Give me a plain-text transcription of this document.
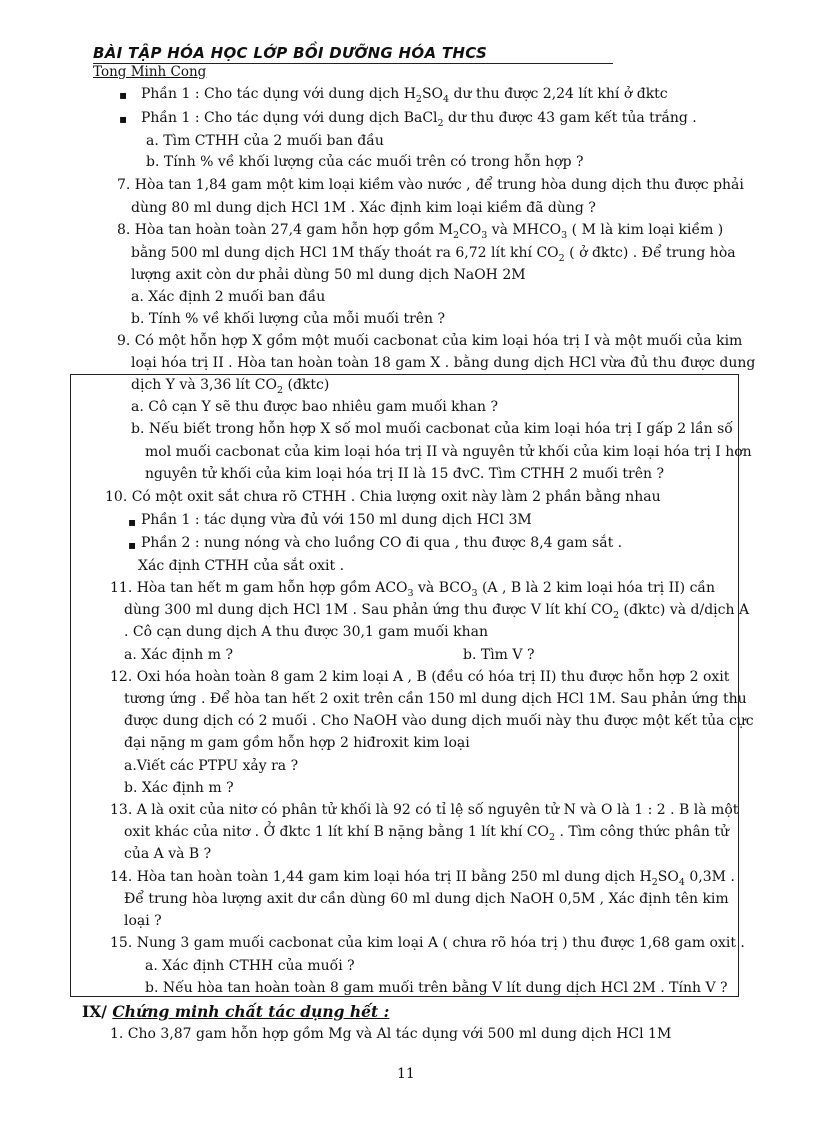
BÀI TẬP HÓA HỌC LỚP BỒI DƯỠNG HÓA THCS
Tong Minh Cong
▪ Phần 1 : Cho tác dụng với dung dịch $H_2SO_4$ dư thu được 2,24 lít khí ở đktc
▪ Phần 1 : Cho tác dụng với dung dịch BaCl$_2$ dư thu được 43 gam kết tủa trắng .
a. Tìm CTHH của 2 muối ban đầu
b. Tính % về khối lượng của các muối trên có trong hỗn hợp ?
7. Hòa tan 1,84 gam một kim loại kiềm vào nước , để trung hòa dung dịch thu được phải
dùng 80 ml dung dịch HCl 1M . Xác định kim loại kiềm đã dùng ?
8. Hòa tan hoàn toàn 27,4 gam hỗn hợp gồm $M_2CO_3$ và $MHCO_3$ ( M là kim loại kiềm )
bằng 500 ml dung dịch HCl 1M thấy thoát ra 6,72 lít khí $CO_2$ ( ở đktc) . Để trung hòa
lượng axit còn dư phải dùng 50 ml dung dịch NaOH 2M
a. Xác định 2 muối ban đầu
b. Tính % về khối lượng của mỗi muối trên ?
9. Có một hỗn hợp X gồm một muối cacbonat của kim loại hóa trị I và một muối của kim
loại hóa trị II . Hòa tan hoàn toàn 18 gam X . bằng dung dịch HCl vừa đủ thu được dung
dịch Y và 3,36 lít $CO_2$ (đktc)
a. Cô cạn Y sẽ thu được bao nhiêu gam muối khan ?
b. Nếu biết trong hỗn hợp X số mol muối cacbonat của kim loại hóa trị I gấp 2 lần số
mol muối cacbonat của kim loại hóa trị II và nguyên tử khối của kim loại hóa trị I hơn
nguyên tử khối của kim loại hóa trị II là 15 đvC. Tìm CTHH 2 muối trên ?
10. Có một oxit sắt chưa rõ CTHH . Chia lượng oxit này làm 2 phần bằng nhau
▪ Phần 1 : tác dụng vừa đủ với 150 ml dung dịch HCl 3M
▪ Phần 2 : nung nóng và cho luồng CO đi qua , thu được 8,4 gam sắt .
Xác định CTHH của sắt oxit .
11. Hòa tan hết m gam hỗn hợp gồm $ACO_3$ và $BCO_3$ (A , B là 2 kim loại hóa trị II) cần
dùng 300 ml dung dịch HCl 1M . Sau phản ứng thu được V lít khí $CO_2$ (đktc) và d/dịch A
. Cô cạn dung dịch A thu được 30,1 gam muối khan
a. Xác định m ?	b. Tìm V ?
12. Oxi hóa hoàn toàn 8 gam 2 kim loại A , B (đều có hóa trị II) thu được hỗn hợp 2 oxit
tương ứng . Để hòa tan hết 2 oxit trên cần 150 ml dung dịch HCl 1M. Sau phản ứng thu
được dung dịch có 2 muối . Cho NaOH vào dung dịch muối này thu được một kết tủa cực
đại nặng m gam gồm hỗn hợp 2 hiđroxit kim loại
a.Viết các PTPU xảy ra ?
b. Xác định m ?
13. A là oxit của nitơ có phân tử khối là 92 có tỉ lệ số nguyên tử N và O là 1 : 2 . B là một
oxit khác của nitơ . Ở đktc 1 lít khí B nặng bằng 1 lít khí $CO_2$ . Tìm công thức phân tử
của A và B ?
14. Hòa tan hoàn toàn 1,44 gam kim loại hóa trị II bằng 250 ml dung dịch $H_2SO_4$ 0,3M .
Để trung hòa lượng axit dư cần dùng 60 ml dung dịch NaOH 0,5M , Xác định tên kim
loại ?
15. Nung 3 gam muối cacbonat của kim loại A ( chưa rõ hóa trị ) thu được 1,68 gam oxit .
a. Xác định CTHH của muối ?
b. Nếu hòa tan hoàn toàn 8 gam muối trên bằng V lít dung dịch HCl 2M . Tính V ?
IX/ Chứng minh chất tác dụng hết :
1. Cho 3,87 gam hỗn hợp gồm Mg và Al tác dụng với 500 ml dung dịch HCl 1M
11
